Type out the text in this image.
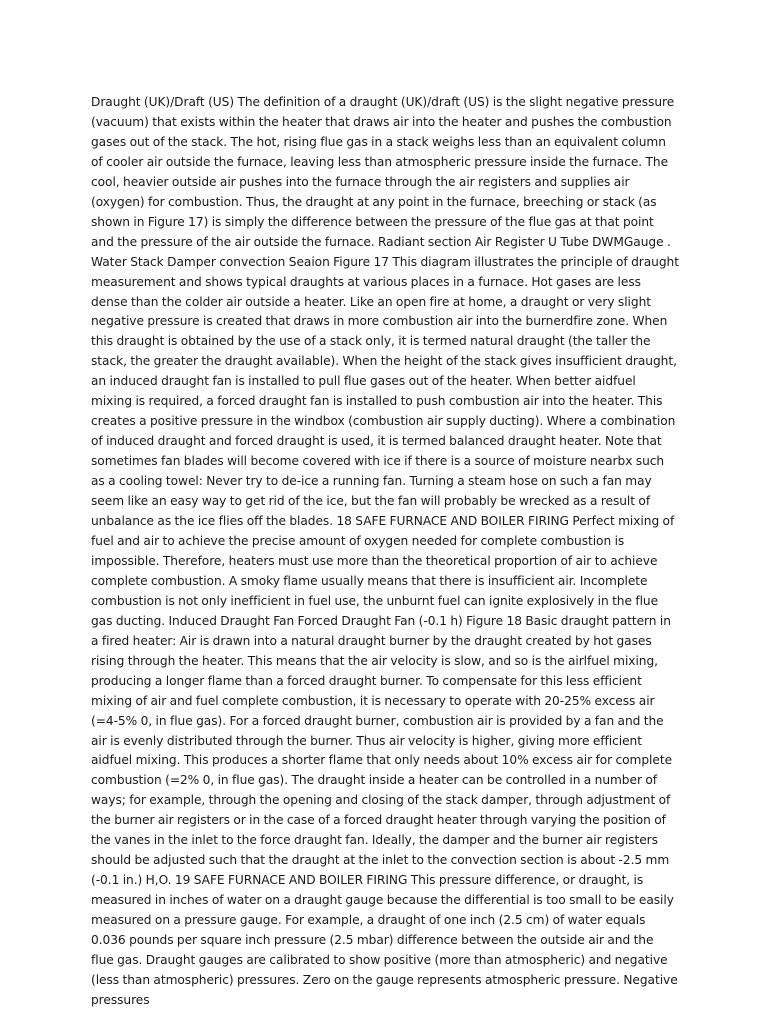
Draught (UK)/Draft (US) The definition of a draught (UK)/draft (US) is the slight negative pressure (vacuum) that exists within the heater that draws air into the heater and pushes the combustion gases out of the stack. The hot, rising flue gas in a stack weighs less than an equivalent column of cooler air outside the furnace, leaving less than atmospheric pressure inside the furnace. The cool, heavier outside air pushes into the furnace through the air registers and supplies air (oxygen) for combustion. Thus, the draught at any point in the furnace, breeching or stack (as shown in Figure 17) is simply the difference between the pressure of the flue gas at that point and the pressure of the air outside the furnace. Radiant section Air Register U Tube DWMGauge . Water Stack Damper convection Seaion Figure 17 This diagram illustrates the principle of draught measurement and shows typical draughts at various places in a furnace. Hot gases are less dense than the colder air outside a heater. Like an open fire at home, a draught or very slight negative pressure is created that draws in more combustion air into the burnerdfire zone. When this draught is obtained by the use of a stack only, it is termed natural draught (the taller the stack, the greater the draught available). When the height of the stack gives insufficient draught, an induced draught fan is installed to pull flue gases out of the heater. When better aidfuel mixing is required, a forced draught fan is installed to push combustion air into the heater. This creates a positive pressure in the windbox (combustion air supply ducting). Where a combination of induced draught and forced draught is used, it is termed balanced draught heater. Note that sometimes fan blades will become covered with ice if there is a source of moisture nearbx such as a cooling towel: Never try to de-ice a running fan. Turning a steam hose on such a fan may seem like an easy way to get rid of the ice, but the fan will probably be wrecked as a result of unbalance as the ice flies off the blades. 18 SAFE FURNACE AND BOILER FIRING Perfect mixing of fuel and air to achieve the precise amount of oxygen needed for complete combustion is impossible. Therefore, heaters must use more than the theoretical proportion of air to achieve complete combustion. A smoky flame usually means that there is insufficient air. Incomplete combustion is not only inefficient in fuel use, the unburnt fuel can ignite explosively in the flue gas ducting. Induced Draught Fan Forced Draught Fan (-0.1 h) Figure 18 Basic draught pattern in a fired heater: Air is drawn into a natural draught burner by the draught created by hot gases rising through the heater. This means that the air velocity is slow, and so is the airlfuel mixing, producing a longer flame than a forced draught burner. To compensate for this less efficient mixing of air and fuel complete combustion, it is necessary to operate with 20-25% excess air (=4-5% 0, in flue gas). For a forced draught burner, combustion air is provided by a fan and the air is evenly distributed through the burner. Thus air velocity is higher, giving more efficient aidfuel mixing. This produces a shorter flame that only needs about 10% excess air for complete combustion (=2% 0, in flue gas). The draught inside a heater can be controlled in a number of ways; for example, through the opening and closing of the stack damper, through adjustment of the burner air registers or in the case of a forced draught heater through varying the position of the vanes in the inlet to the force draught fan. Ideally, the damper and the burner air registers should be adjusted such that the draught at the inlet to the convection section is about -2.5 mm (-0.1 in.) H,O. 19 SAFE FURNACE AND BOILER FIRING This pressure difference, or draught, is measured in inches of water on a draught gauge because the differential is too small to be easily measured on a pressure gauge. For example, a draught of one inch (2.5 cm) of water equals 0.036 pounds per square inch pressure (2.5 mbar) difference between the outside air and the flue gas. Draught gauges are calibrated to show positive (more than atmospheric) and negative (less than atmospheric) pressures. Zero on the gauge represents atmospheric pressure. Negative pressures
